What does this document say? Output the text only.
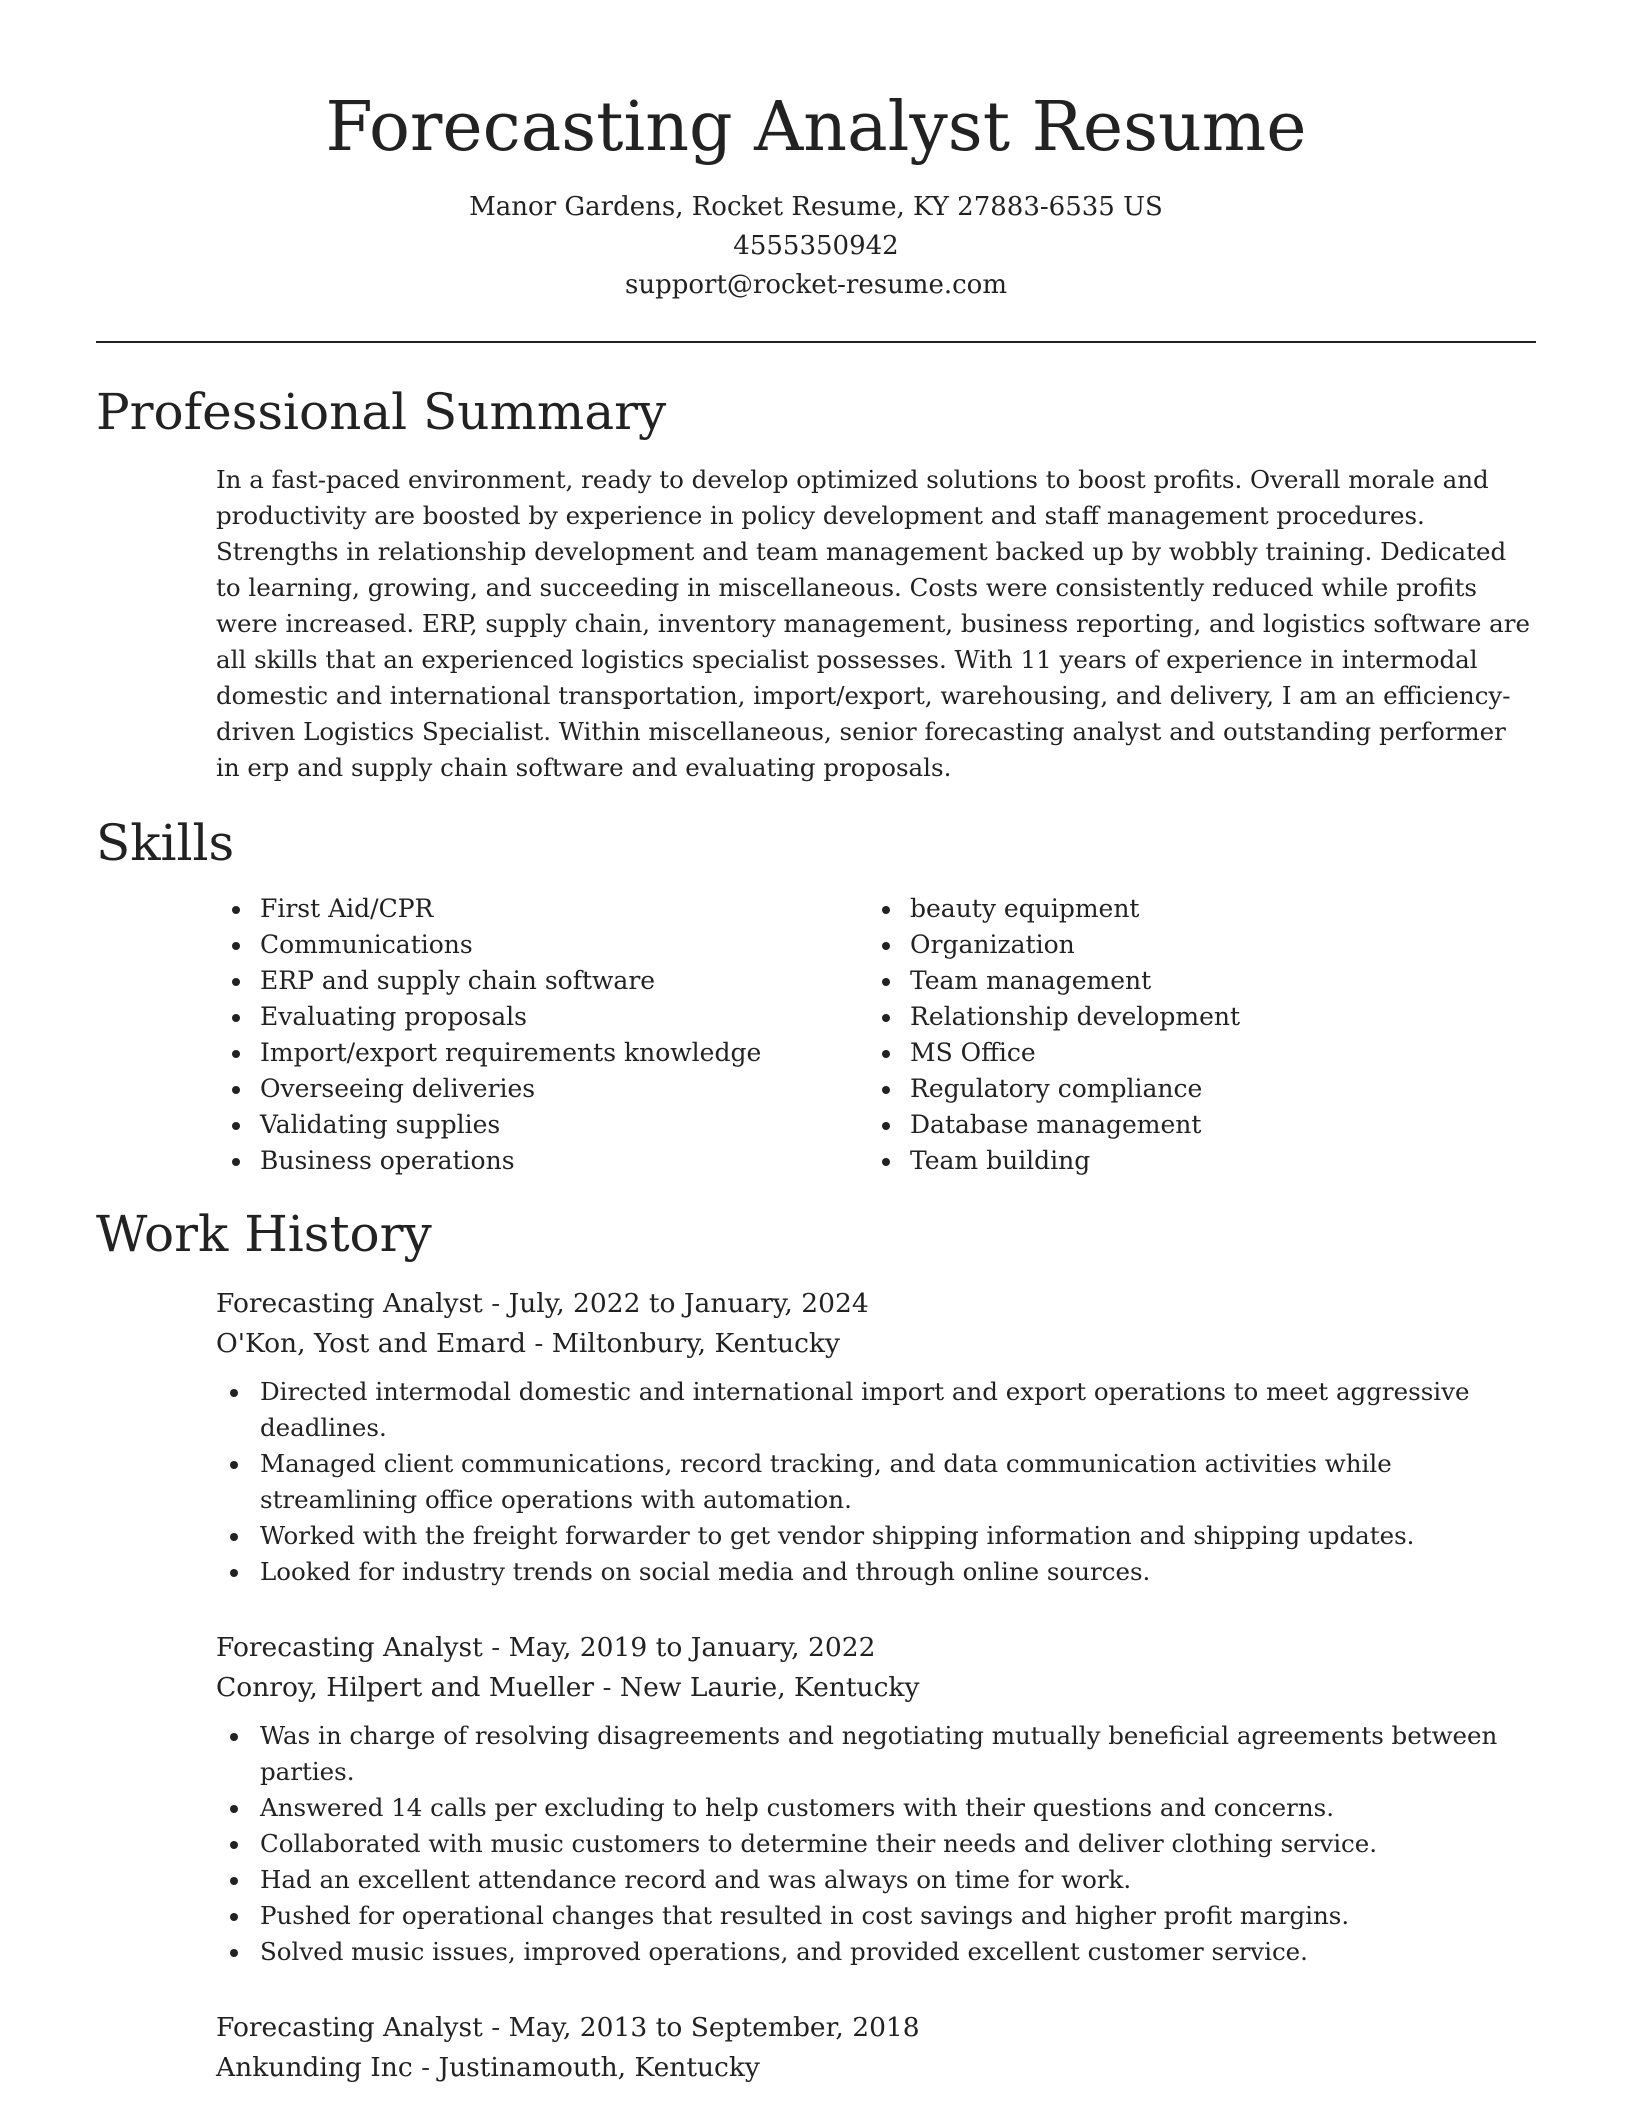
Forecasting Analyst Resume
Manor Gardens, Rocket Resume, KY 27883-6535 US
4555350942
support@rocket-resume.com
Professional Summary

In a fast-paced environment, ready to develop optimized solutions to boost profits. Overall morale and productivity are boosted by experience in policy development and staff management procedures. Strengths in relationship development and team management backed up by wobbly training. Dedicated to learning, growing, and succeeding in miscellaneous. Costs were consistently reduced while profits were increased. ERP, supply chain, inventory management, business reporting, and logistics software are all skills that an experienced logistics specialist possesses. With 11 years of experience in intermodal domestic and international transportation, import/export, warehousing, and delivery, I am an efficiency-driven Logistics Specialist. Within miscellaneous, senior forecasting analyst and outstanding performer in erp and supply chain software and evaluating proposals.

Skills
First Aid/CPR
Communications
ERP and supply chain software
Evaluating proposals
Import/export requirements knowledge
Overseeing deliveries
Validating supplies
Business operations
beauty equipment
Organization
Team management
Relationship development
MS Office
Regulatory compliance
Database management
Team building
Work History
Forecasting Analyst - July, 2022 to January, 2024
O'Kon, Yost and Emard - Miltonbury, Kentucky
Directed intermodal domestic and international import and export operations to meet aggressive deadlines.
Managed client communications, record tracking, and data communication activities while streamlining office operations with automation.
Worked with the freight forwarder to get vendor shipping information and shipping updates.
Looked for industry trends on social media and through online sources.
Forecasting Analyst - May, 2019 to January, 2022
Conroy, Hilpert and Mueller - New Laurie, Kentucky
Was in charge of resolving disagreements and negotiating mutually beneficial agreements between parties.
Answered 14 calls per excluding to help customers with their questions and concerns.
Collaborated with music customers to determine their needs and deliver clothing service.
Had an excellent attendance record and was always on time for work.
Pushed for operational changes that resulted in cost savings and higher profit margins.
Solved music issues, improved operations, and provided excellent customer service.
Forecasting Analyst - May, 2013 to September, 2018
Ankunding Inc - Justinamouth, Kentucky
